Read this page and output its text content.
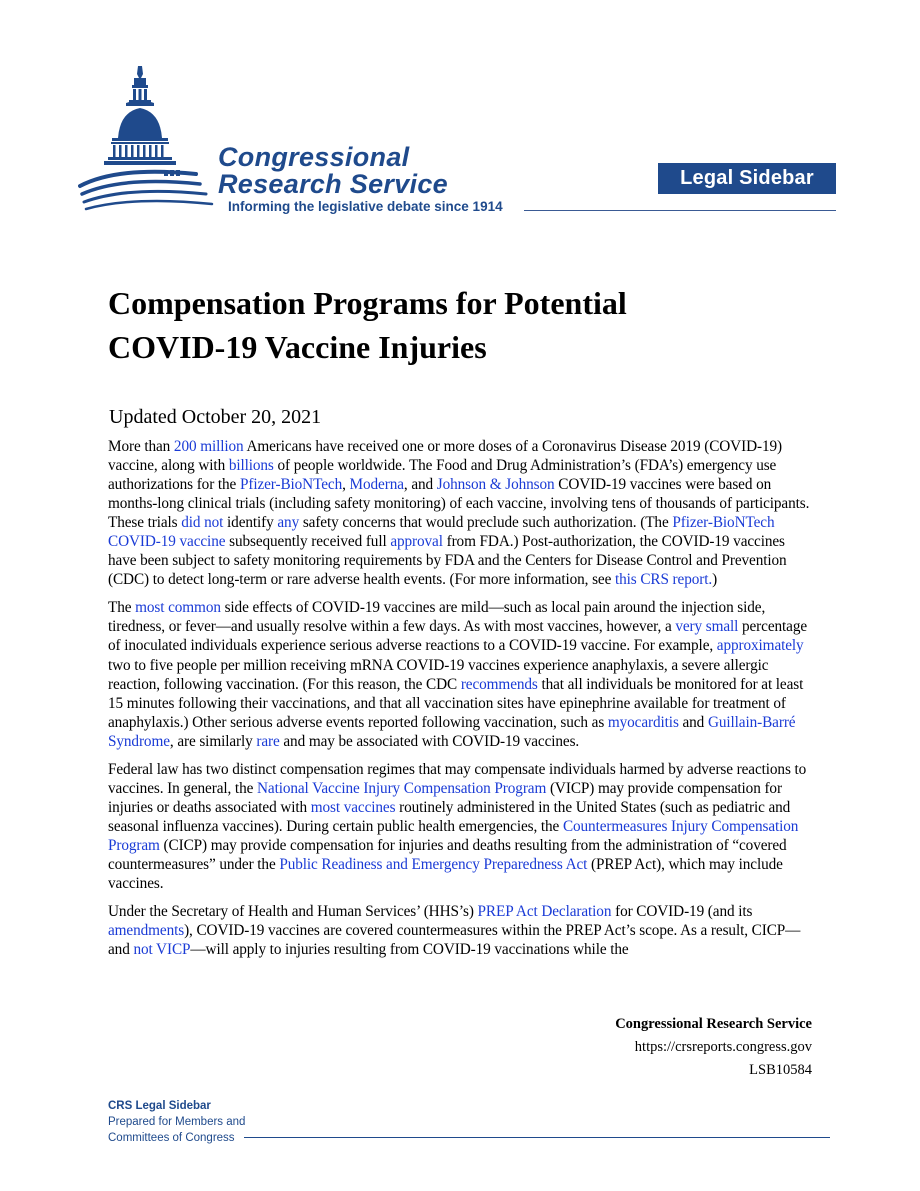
Congressional
Research Service
Informing the legislative debate since 1914
Legal Sidebar
Compensation Programs for Potential
COVID-19 Vaccine Injuries
Updated October 20, 2021

More than 200 million Americans have received one or more doses of a Coronavirus Disease 2019 (COVID-19) vaccine, along with billions of people worldwide. The Food and Drug Administration’s (FDA’s) emergency use authorizations for the Pfizer-BioNTech, Moderna, and Johnson & Johnson COVID-19 vaccines were based on months-long clinical trials (including safety monitoring) of each vaccine, involving tens of thousands of participants. These trials did not identify any safety concerns that would preclude such authorization. (The Pfizer-BioNTech COVID-19 vaccine subsequently received full approval from FDA.) Post-authorization, the COVID-19 vaccines have been subject to safety monitoring requirements by FDA and the Centers for Disease Control and Prevention (CDC) to detect long-term or rare adverse health events. (For more information, see this CRS report.)

The most common side effects of COVID-19 vaccines are mild—such as local pain around the injection side, tiredness, or fever—and usually resolve within a few days. As with most vaccines, however, a very small percentage of inoculated individuals experience serious adverse reactions to a COVID-19 vaccine. For example, approximately two to five people per million receiving mRNA COVID-19 vaccines experience anaphylaxis, a severe allergic reaction, following vaccination. (For this reason, the CDC recommends that all individuals be monitored for at least 15 minutes following their vaccinations, and that all vaccination sites have epinephrine available for treatment of anaphylaxis.) Other serious adverse events reported following vaccination, such as myocarditis and Guillain-Barré Syndrome, are similarly rare and may be associated with COVID-19 vaccines.

Federal law has two distinct compensation regimes that may compensate individuals harmed by adverse reactions to vaccines. In general, the National Vaccine Injury Compensation Program (VICP) may provide compensation for injuries or deaths associated with most vaccines routinely administered in the United States (such as pediatric and seasonal influenza vaccines). During certain public health emergencies, the Countermeasures Injury Compensation Program (CICP) may provide compensation for injuries and deaths resulting from the administration of “covered countermeasures” under the Public Readiness and Emergency Preparedness Act (PREP Act), which may include vaccines.

Under the Secretary of Health and Human Services’ (HHS’s) PREP Act Declaration for COVID-19 (and its amendments), COVID-19 vaccines are covered countermeasures within the PREP Act’s scope. As a result, CICP—and not VICP—will apply to injuries resulting from COVID-19 vaccinations while the

Congressional Research Service
https://crsreports.congress.gov
LSB10584
CRS Legal Sidebar
Prepared for Members and
Committees of Congress
